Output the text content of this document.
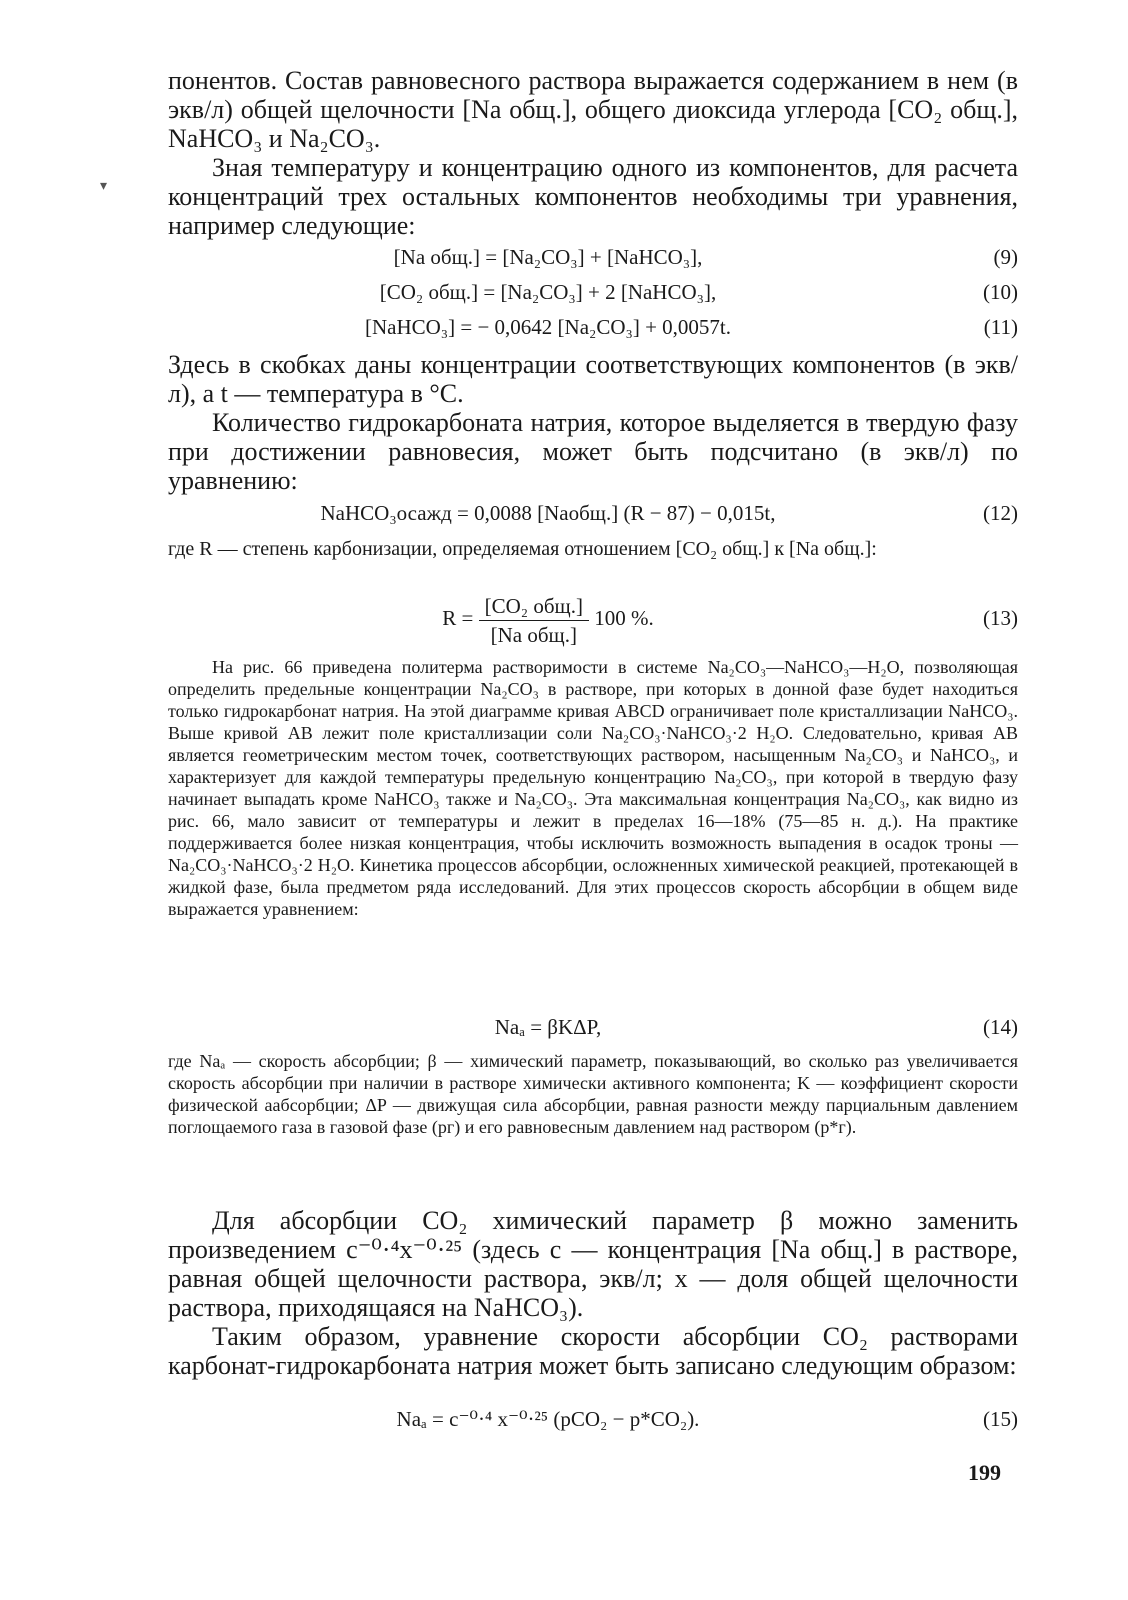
понентов. Состав равновесного раствора выражается содержанием в нем (в экв/л) общей щелочности [Na общ.], общего диоксида углерода [CO₂ общ.], NaHCO₃ и Na₂CO₃.
Зная температуру и концентрацию одного из компонентов, для расчета концентраций трех остальных компонентов необходимы три уравнения, например следующие:
▾
[Na общ.] = [Na₂CO₃] + [NaHCO₃],	(9)
[CO₂ общ.] = [Na₂CO₃] + 2 [NaHCO₃],	(10)
[NaHCO₃] = − 0,0642 [Na₂CO₃] + 0,0057t.	(11)
Здесь в скобках даны концентрации соответствующих компонентов (в экв/л), а t — температура в °С.
Количество гидрокарбоната натрия, которое выделяется в твердую фазу при достижении равновесия, может быть подсчитано (в экв/л) по уравнению:
NaHCO₃осажд = 0,0088 [Naобщ.] (R − 87) − 0,015t,	(12)
где R — степень карбонизации, определяемая отношением [CO₂ общ.] к [Na общ.]:
$R = \frac{\text{[CO₂ общ.]}}{\text{[Na общ.]}} 100$ %.	(13)
На рис. 66 приведена политерма растворимости в системе Na₂CO₃—NaHCO₃—H₂O, позволяющая определить предельные концентрации Na₂CO₃ в растворе, при которых в донной фазе будет находиться только гидрокарбонат натрия. На этой диаграмме кривая ABCD ограничивает поле кристаллизации NaHCO₃. Выше кривой AB лежит поле кристаллизации соли Na₂CO₃·NaHCO₃·2 H₂O. Следовательно, кривая AB является геометрическим местом точек, соответствующих раствором, насыщенным Na₂CO₃ и NaHCO₃, и характеризует для каждой температуры предельную концентрацию Na₂CO₃, при которой в твердую фазу начинает выпадать кроме NaHCO₃ также и Na₂CO₃. Эта максимальная концентрация Na₂CO₃, как видно из рис. 66, мало зависит от температуры и лежит в пределах 16—18% (75—85 н. д.). На практике поддерживается более низкая концентрация, чтобы исключить возможность выпадения в осадок троны — Na₂CO₃·NaHCO₃·2 H₂O. Кинетика процессов абсорбции, осложненных химической реакцией, протекающей в жидкой фазе, была предметом ряда исследований. Для этих процессов скорость абсорбции в общем виде выражается уравнением:
Naₐ = βKΔP,	(14)
где Naₐ — скорость абсорбции; β — химический параметр, показывающий, во сколько раз увеличивается скорость абсорбции при наличии в растворе химически активного компонента; K — коэффициент скорости физической аабсорбции; ΔP — движущая сила абсорбции, равная разности между парциальным давлением поглощаемого газа в газовой фазе (pг) и его равновесным давлением над раствором (p*г).
Для абсорбции CO₂ химический параметр β можно заменить произведением c⁻⁰·⁴x⁻⁰·²⁵ (здесь c — концентрация [Na общ.] в растворе, равная общей щелочности раствора, экв/л; x — доля общей щелочности раствора, приходящаяся на NaHCO₃).
Таким образом, уравнение скорости абсорбции CO₂ растворами карбонат-гидрокарбоната натрия может быть записано следующим образом:
Naₐ = c⁻⁰·⁴ x⁻⁰·²⁵ (pCO₂ − p*CO₂).	(15)
199
